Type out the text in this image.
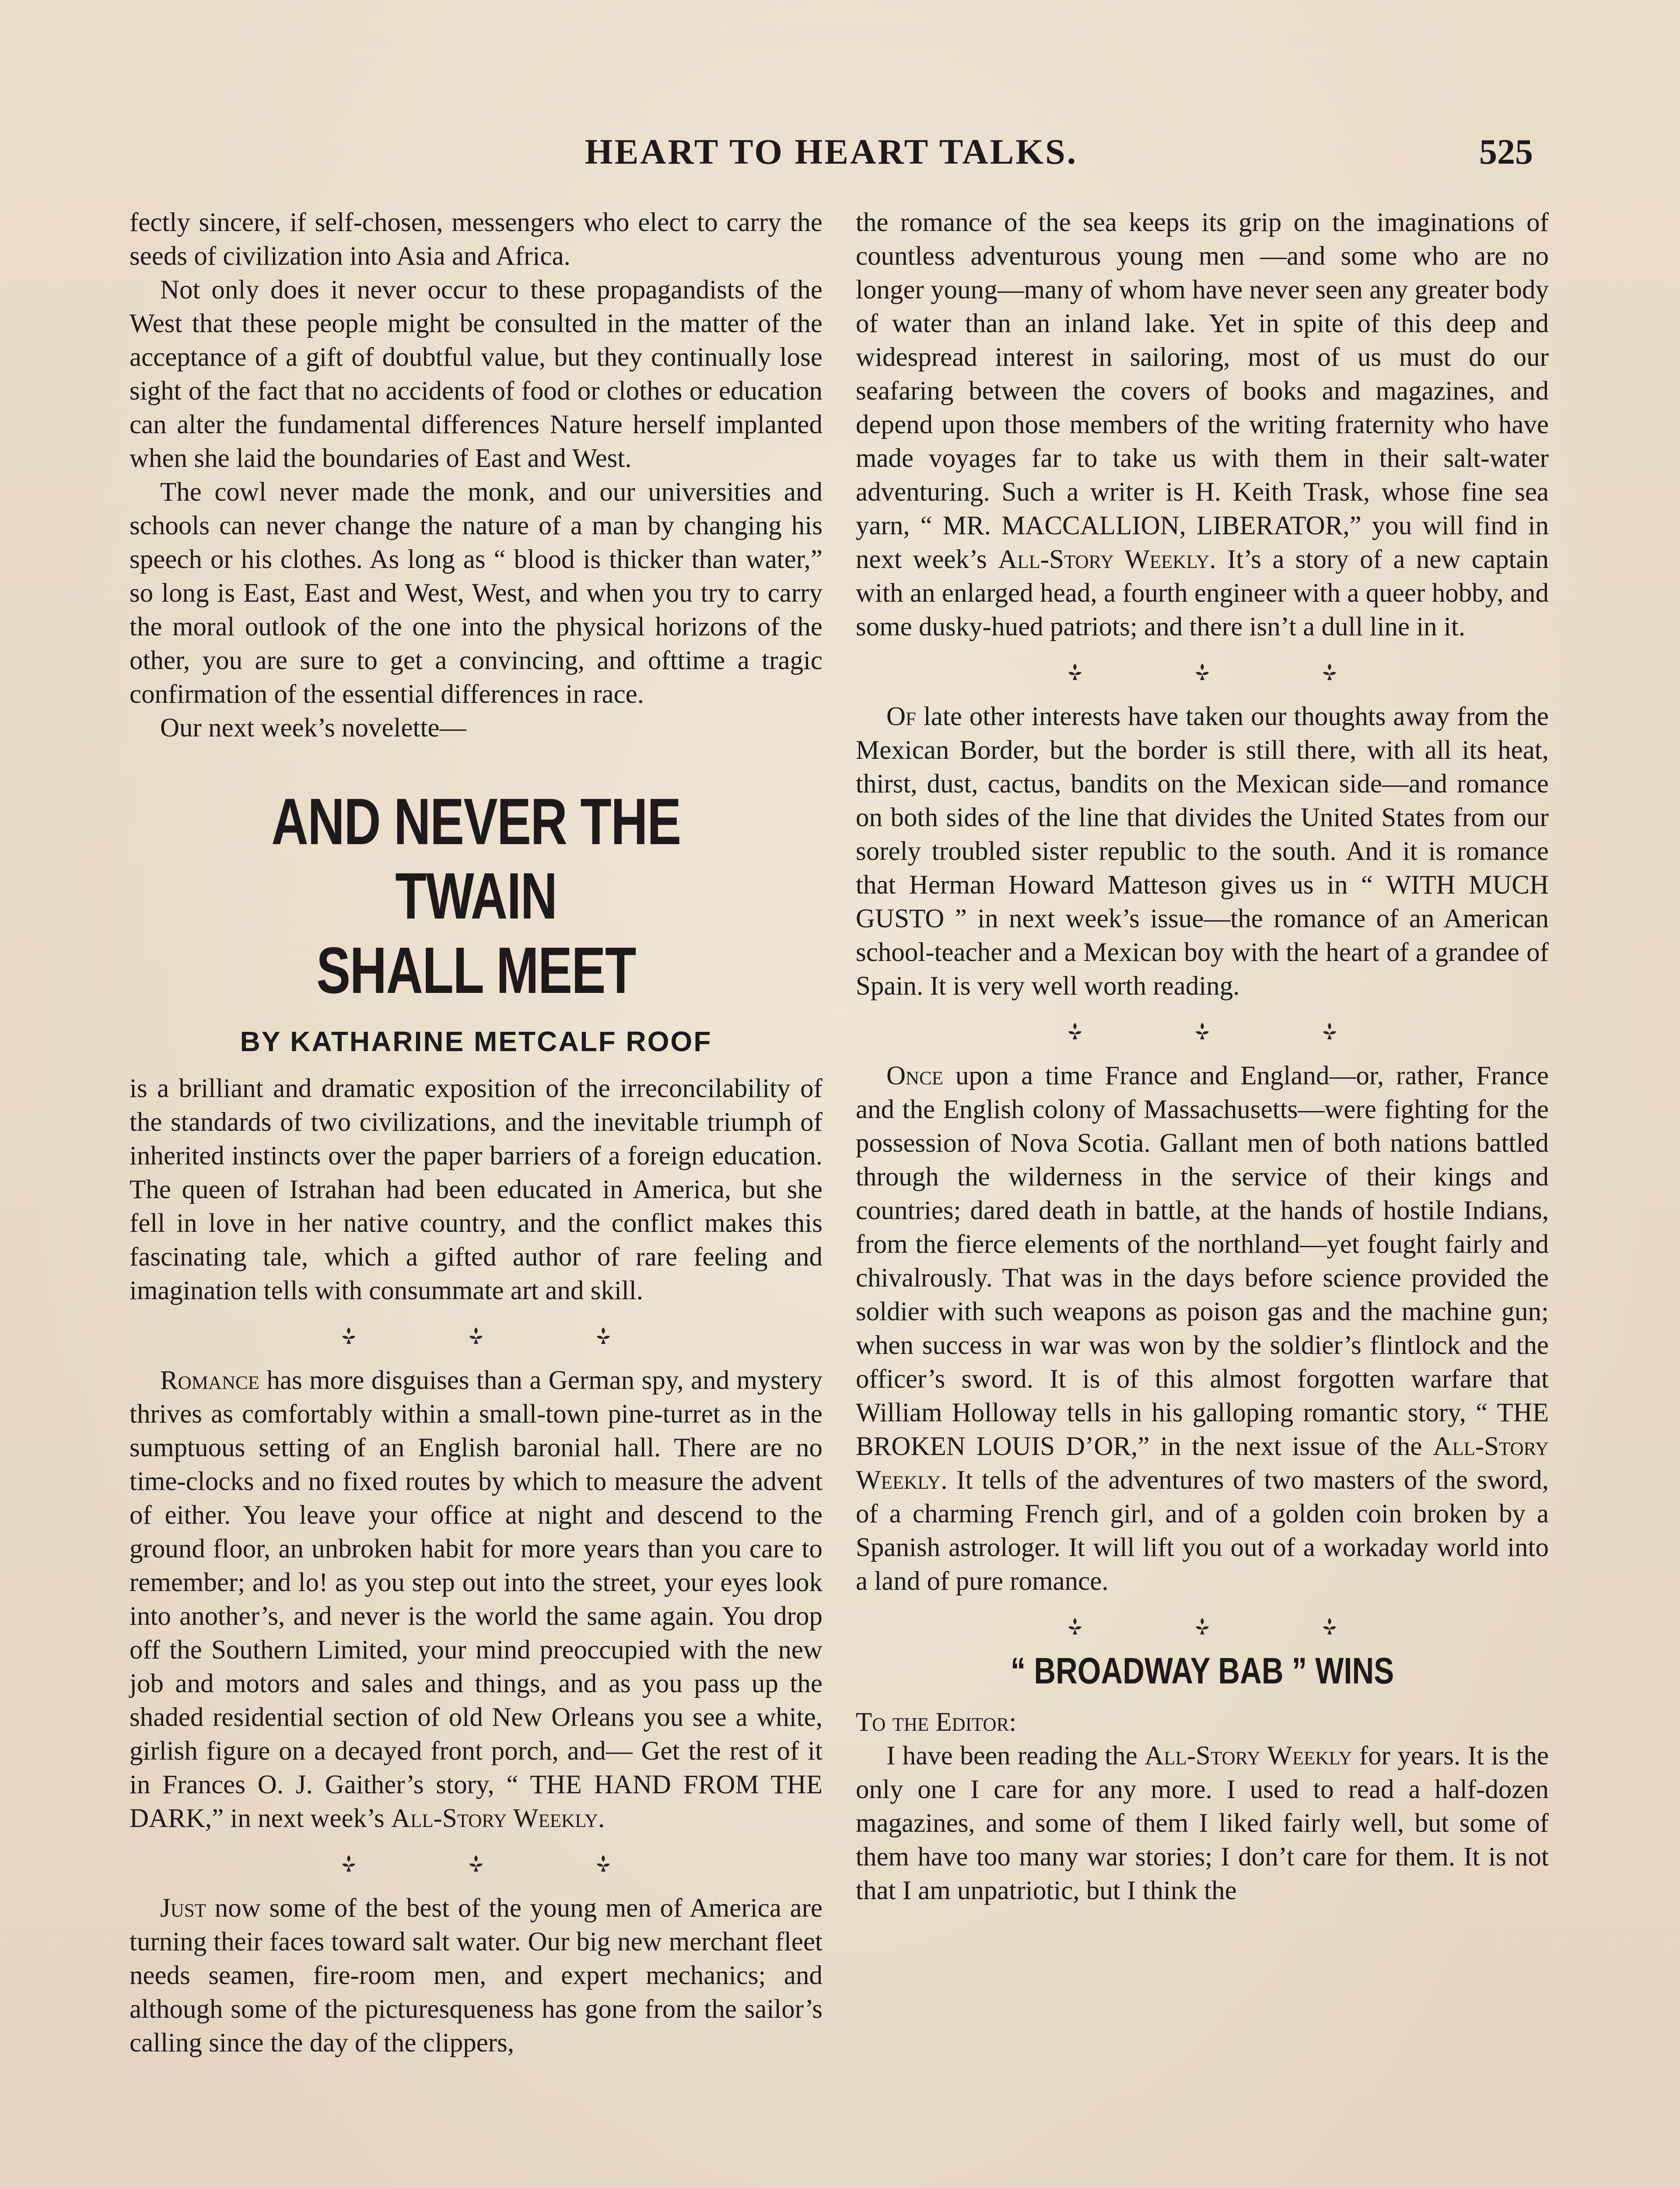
HEART TO HEART TALKS.	525

fectly sincere, if self-chosen, messengers who elect to carry the seeds of civilization into Asia and Africa.

Not only does it never occur to these propagandists of the West that these people might be consulted in the matter of the acceptance of a gift of doubtful value, but they continually lose sight of the fact that no accidents of food or clothes or education can alter the fundamental differences Nature herself implanted when she laid the boundaries of East and West.

The cowl never made the monk, and our universities and schools can never change the nature of a man by changing his speech or his clothes. As long as “ blood is thicker than water,” so long is East, East and West, West, and when you try to carry the moral outlook of the one into the physical horizons of the other, you are sure to get a convincing, and ofttime a tragic confirmation of the essential differences in race.

Our next week’s novelette—

AND NEVER THE TWAIN
SHALL MEET
BY KATHARINE METCALF ROOF

is a brilliant and dramatic exposition of the irreconcilability of the standards of two civilizations, and the inevitable triumph of inherited instincts over the paper barriers of a foreign education. The queen of Istrahan had been educated in America, but she fell in love in her native country, and the conflict makes this fascinating tale, which a gifted author of rare feeling and imagination tells with consummate art and skill.

Romance has more disguises than a German spy, and mystery thrives as comfortably within a small-town pine-turret as in the sumptuous setting of an English baronial hall. There are no time-clocks and no fixed routes by which to measure the advent of either. You leave your office at night and descend to the ground floor, an unbroken habit for more years than you care to remember; and lo! as you step out into the street, your eyes look into another’s, and never is the world the same again. You drop off the Southern Limited, your mind preoccupied with the new job and motors and sales and things, and as you pass up the shaded residential section of old New Orleans you see a white, girlish figure on a decayed front porch, and— Get the rest of it in Frances O. J. Gaither’s story, “ THE HAND FROM THE DARK,” in next week’s All-Story Weekly.

Just now some of the best of the young men of America are turning their faces toward salt water. Our big new merchant fleet needs seamen, fire-room men, and expert mechanics; and although some of the picturesqueness has gone from the sailor’s calling since the day of the clippers,

the romance of the sea keeps its grip on the imaginations of countless adventurous young men —and some who are no longer young—many of whom have never seen any greater body of water than an inland lake. Yet in spite of this deep and widespread interest in sailoring, most of us must do our seafaring between the covers of books and magazines, and depend upon those members of the writing fraternity who have made voyages far to take us with them in their salt-water adventuring. Such a writer is H. Keith Trask, whose fine sea yarn, “ MR. MACCALLION, LIBERATOR,” you will find in next week’s All-Story Weekly. It’s a story of a new captain with an enlarged head, a fourth engineer with a queer hobby, and some dusky-hued patriots; and there isn’t a dull line in it.

Of late other interests have taken our thoughts away from the Mexican Border, but the border is still there, with all its heat, thirst, dust, cactus, bandits on the Mexican side—and romance on both sides of the line that divides the United States from our sorely troubled sister republic to the south. And it is romance that Herman Howard Matteson gives us in “ WITH MUCH GUSTO ” in next week’s issue—the romance of an American school-teacher and a Mexican boy with the heart of a grandee of Spain. It is very well worth reading.

Once upon a time France and England—or, rather, France and the English colony of Massachusetts—were fighting for the possession of Nova Scotia. Gallant men of both nations battled through the wilderness in the service of their kings and countries; dared death in battle, at the hands of hostile Indians, from the fierce elements of the northland—yet fought fairly and chivalrously. That was in the days before science provided the soldier with such weapons as poison gas and the machine gun; when success in war was won by the soldier’s flintlock and the officer’s sword. It is of this almost forgotten warfare that William Holloway tells in his galloping romantic story, “ THE BROKEN LOUIS D’OR,” in the next issue of the All-Story Weekly. It tells of the adventures of two masters of the sword, of a charming French girl, and of a golden coin broken by a Spanish astrologer. It will lift you out of a workaday world into a land of pure romance.

“ BROADWAY BAB ” WINS

To the Editor:

I have been reading the All-Story Weekly for years. It is the only one I care for any more. I used to read a half-dozen magazines, and some of them I liked fairly well, but some of them have too many war stories; I don’t care for them. It is not that I am unpatriotic, but I think the
